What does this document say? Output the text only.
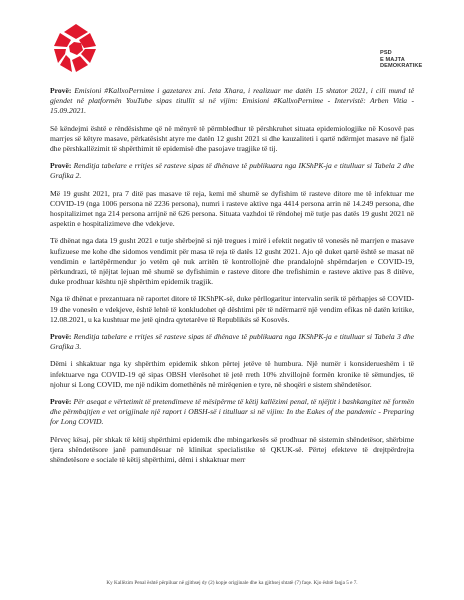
PSD
E MAJTA
DEMOKRATIKE

Provë: Emisioni #KallxoPernime i gazetarex zni. Jeta Xhara, i realizuar me datën 15 shtator 2021, i cili mund të gjendet në platformën YouTube sipas titullit si në vijim: Emisioni #KallxoPernime - Intervistë: Arben Vitia - 15.09.2021.

Së këndejmi është e rëndësishme që në mënyrë të përmbledhur të përshkruhet situata epidemiologjike në Kosovë pas marrjes së këtyre masave, përkatësisht atyre me datën 12 gusht 2021 si dhe kauzaliteti i qartë ndërmjet masave në fjalë dhe përshkallëzimit të shpërthimit të epidemisë dhe pasojave tragjike të tij.

Provë: Renditja tabelare e rritjes së rasteve sipas të dhënave të publikuara nga IKShPK-ja e titulluar si Tabela 2 dhe Grafika 2.

Më 19 gusht 2021, pra 7 ditë pas masave të reja, kemi më shumë se dyfishim të rasteve ditore me të infektuar me COVID-19 (nga 1006 persona në 2236 persona), numri i rasteve aktive nga 4414 persona arrin në 14.249 persona, dhe hospitalizimet nga 214 persona arrijnë në 626 persona. Situata vazhdoi të rëndohej më tutje pas datës 19 gusht 2021 në aspektin e hospitalizimeve dhe vdekjeve.

Të dhënat nga data 19 gusht 2021 e tutje shërbejnë si një tregues i mirë i efektit negativ të vonesës në marrjen e masave kufizuese me kohe dhe sidomos vendimit për masa të reja të datës 12 gusht 2021. Ajo që duket qartë është se masat në vendimin e lartëpërmendur jo vetëm që nuk arritën të kontrollojnë dhe prandalojnë shpërndarjen e COVID-19, përkundrazi, të njëjtat lejuan më shumë se dyfishimin e rasteve ditore dhe trefishimin e rasteve aktive pas 8 ditëve, duke prodhuar kështu një shpërthim epidemik tragjik.

Nga të dhënat e prezantuara në raportet ditore të IKShPK-së, duke përllogaritur intervalin serik të përhapjes së COVID-19 dhe vonesën e vdekjeve, është lehtë të konkludohet që dështimi për të ndërmarrë një vendim efikas në datën kritike, 12.08.2021, u ka kushtuar me jetë qindra qytetarëve të Republikës së Kosovës.

Provë: Renditja tabelare e rritjes së rasteve sipas të dhënave të publikuara nga IKShPK-ja e titulluar si Tabela 3 dhe Grafika 3.

Dëmi i shkaktuar nga ky shpërthim epidemik shkon përtej jetëve të humbura. Një numër i konsiderueshëm i të infektuarve nga COVID-19 që sipas OBSH vlerësohet të jetë rreth 10% zhvillojnë formën kronike të sëmundjes, të njohur si Long COVID, me një ndikim domethënës në mirëqenien e tyre, në shoqëri e sistem shëndetësor.

Provë: Për aseqat e vërtetimit të pretendimeve të mësipërme të këtij kallëzimi penal, të njëjtit i bashkangitet në formën dhe përmbajtjen e vet origjinale një raport i OBSH-së i titulluar si në vijim: In the Eakes of the pandemic - Preparing for Long COVID.

Përveç kësaj, për shkak të këtij shpërthimi epidemik dhe mbingarkesës së prodhuar në sistemin shëndetësor, shërbime tjera shëndetësore janë pamundësuar në klinikat specialistike të QKUK-së. Përtej efekteve të drejtpërdrejta shëndetësore e sociale të këtij shpërthimi, dëmi i shkaktuar merr

Ky Kallëzim Penal është përpiluar në gjithsej dy (2) kopje origjinale dhe ka gjithsej shtatë (7) faqe. Kjo është faqja 5 e 7.
